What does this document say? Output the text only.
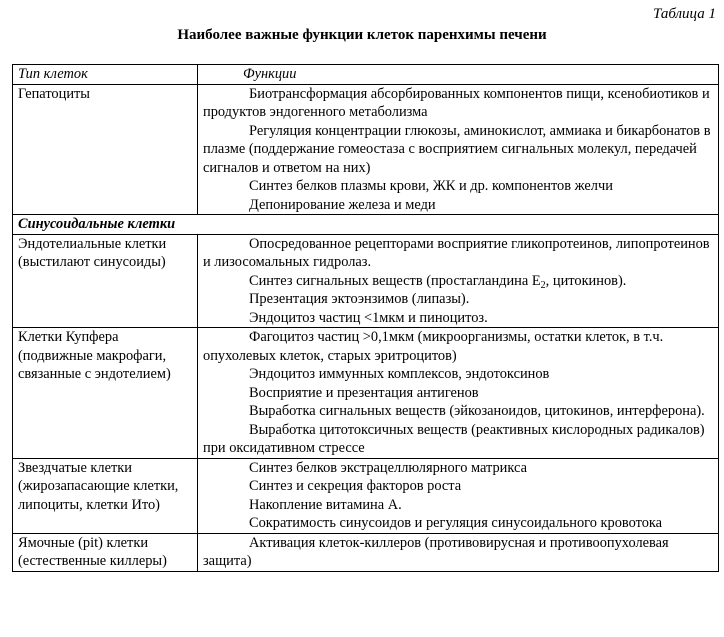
Таблица 1
Наиболее важные функции клеток паренхимы печени
Тип клеток	Функции
Гепатоциты	Биотрансформация абсорбированных компонентов пищи, ксенобиотиков и продуктов эндогенного метаболизма

Регуляция концентрации глюкозы, аминокислот, аммиака и бикарбонатов в плазме (поддержание гомеостаза с восприятием сигнальных молекул, передачей сигналов и ответом на них)

Синтез белков плазмы крови, ЖК и др. компонентов желчи

Депонирование железа и меди

Синусоидальные клетки	
Эндотелиальные клетки (выстилают синусоиды)	Опосредованное рецепторами восприятие гликопротеинов, липопротеинов и лизосомальных гидролаз.

Синтез сигнальных веществ (простагландина $Е_2$, цитокинов).

Презентация эктоэнзимов (липазы).

Эндоцитоз частиц <1мкм и пиноцитоз.

Клетки Купфера (подвижные макрофаги, связанные с эндотелием)	Фагоцитоз частиц >0,1мкм (микроорганизмы, остатки клеток, в т.ч. опухолевых клеток, старых эритроцитов)

Эндоцитоз иммунных комплексов, эндотоксинов

Восприятие и презентация антигенов

Выработка сигнальных веществ (эйкозаноидов, цитокинов, интерферона).

Выработка цитотоксичных веществ (реактивных кислородных радикалов) при оксидативном стрессе

Звездчатые клетки (жирозапасающие клетки, липоциты, клетки Ито)	Синтез белков экстрацеллюлярного матрикса

Синтез и секреция факторов роста

Накопление витамина А.

Сократимость синусоидов и регуляция синусоидального кровотока

Ямочные (pit) клетки (естественные киллеры)	Активация клеток-киллеров (противовирусная и противоопухолевая защита)
